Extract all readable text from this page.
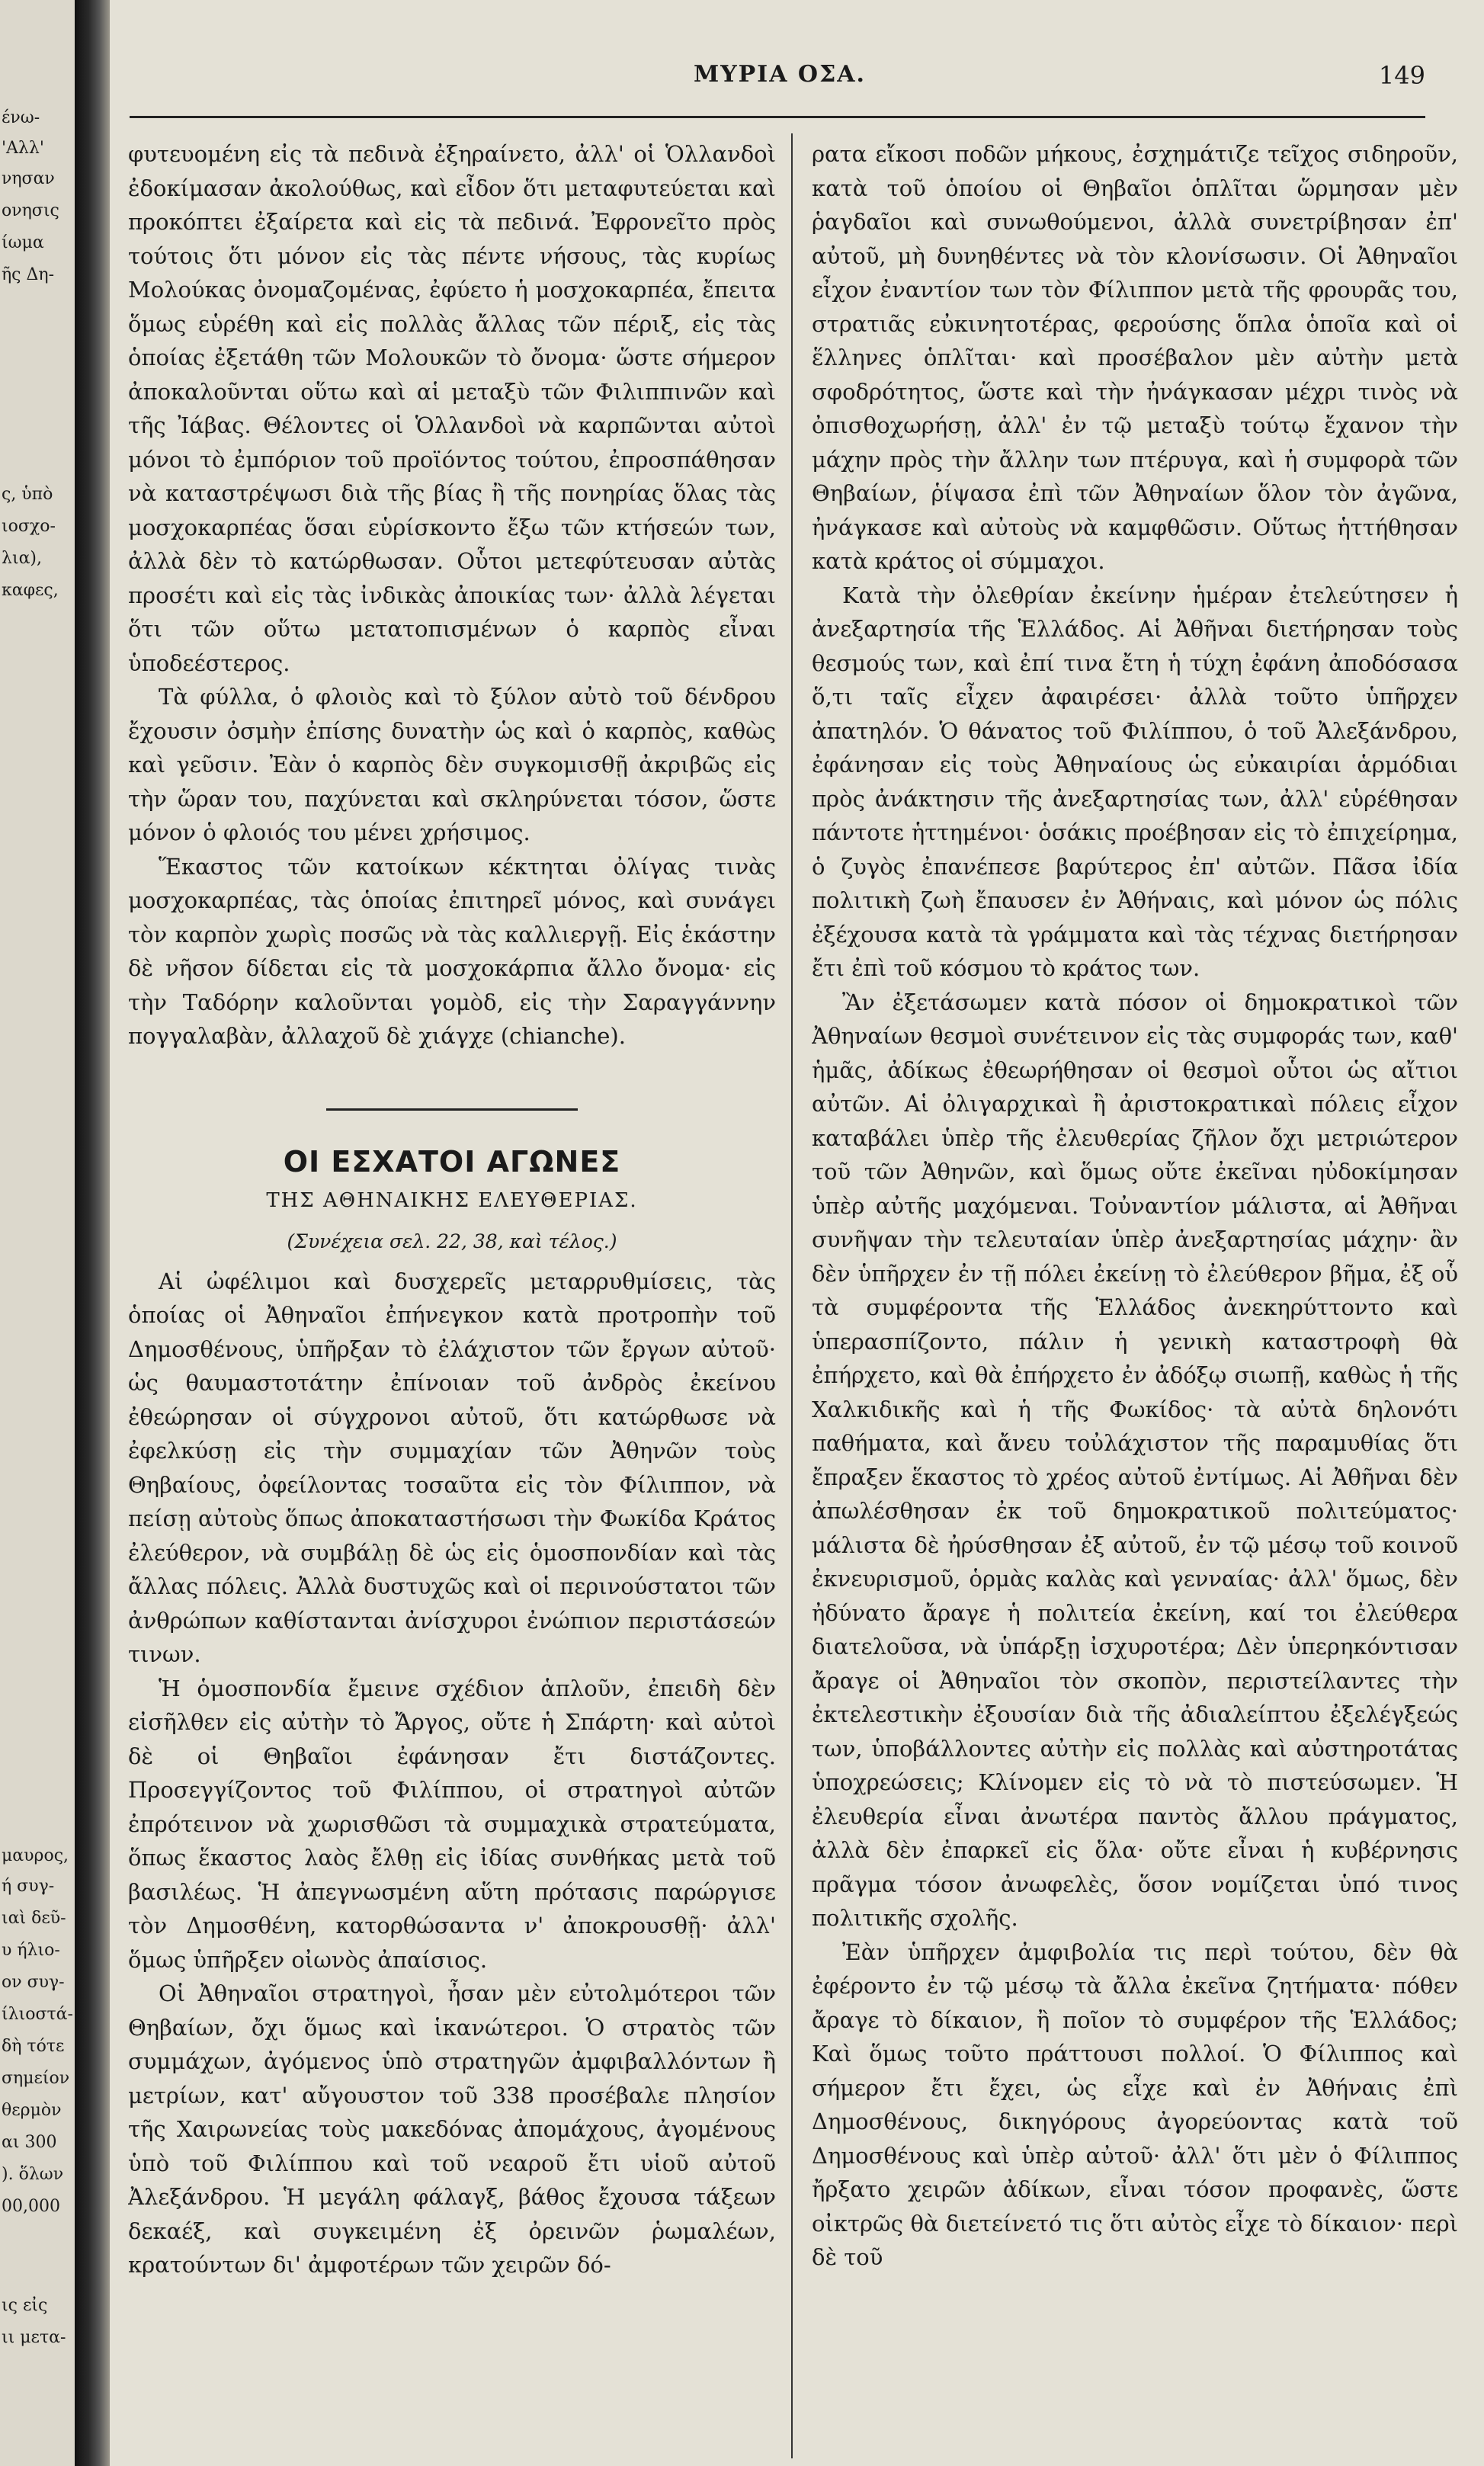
ένω-
'Αλλ'
νησαν
ονησις
ίωμα
ῆς Δη-
ς, ὑπὸ
ιοσχο-
λια),
καφες,
μαυρος,
ή συγ-
ιαὶ δεῦ-
υ ήλιο-
ον συγ-
ίλιοστά-
δὴ τότε
σημείον
θερμὸν
αι 300
). ὅλων
00,000
ις εἰς
ιι μετα-
ΜΥΡΙΑ ΟΣΑ.	149

φυτευομένη εἰς τὰ πεδινὰ ἐξηραίνετο, ἀλλ' οἱ Ὁλλανδοὶ ἐδοκίμασαν ἀκολούθως, καὶ εἶδον ὅτι μεταφυτεύεται καὶ προκόπτει ἐξαίρετα καὶ εἰς τὰ πεδινά. Ἐφρονεῖτο πρὸς τούτοις ὅτι μόνον εἰς τὰς πέντε νήσους, τὰς κυρίως Μολούκας ὀνομαζομένας, ἐφύετο ἡ μοσχοκαρπέα, ἔπειτα ὅμως εὑρέθη καὶ εἰς πολλὰς ἄλλας τῶν πέριξ, εἰς τὰς ὁποίας ἐξετάθη τῶν Μολουκῶν τὸ ὄνομα· ὥστε σήμερον ἀποκαλοῦνται οὕτω καὶ αἱ μεταξὺ τῶν Φιλιππινῶν καὶ τῆς Ἰάβας. Θέλοντες οἱ Ὁλλανδοὶ νὰ καρπῶνται αὐτοὶ μόνοι τὸ ἐμπόριον τοῦ προϊόντος τούτου, ἐπροσπάθησαν νὰ καταστρέψωσι διὰ τῆς βίας ἢ τῆς πονηρίας ὅλας τὰς μοσχοκαρπέας ὅσαι εὑρίσκοντο ἔξω τῶν κτήσεών των, ἀλλὰ δὲν τὸ κατώρθωσαν. Οὗτοι μετεφύτευσαν αὐτὰς προσέτι καὶ εἰς τὰς ἰνδικὰς ἀποικίας των· ἀλλὰ λέγεται ὅτι τῶν οὕτω μετατοπισμένων ὁ καρπὸς εἶναι ὑποδεέστερος.

Τὰ φύλλα, ὁ φλοιὸς καὶ τὸ ξύλον αὐτὸ τοῦ δένδρου ἔχουσιν ὀσμὴν ἐπίσης δυνατὴν ὡς καὶ ὁ καρπὸς, καθὼς καὶ γεῦσιν. Ἐὰν ὁ καρπὸς δὲν συγκομισθῇ ἀκριβῶς εἰς τὴν ὥραν του, παχύνεται καὶ σκληρύνεται τόσον, ὥστε μόνον ὁ φλοιός του μένει χρήσιμος.

Ἕκαστος τῶν κατοίκων κέκτηται ὀλίγας τινὰς μοσχοκαρπέας, τὰς ὁποίας ἐπιτηρεῖ μόνος, καὶ συνάγει τὸν καρπὸν χωρὶς ποσῶς νὰ τὰς καλλιεργῇ. Εἰς ἑκάστην δὲ νῆσον δίδεται εἰς τὰ μοσχοκάρπια ἄλλο ὄνομα· εἰς τὴν Ταδόρην καλοῦνται γομὸδ, εἰς τὴν Σαραγγάννην πογγαλαβὰν, ἀλλαχοῦ δὲ χιάγχε (chianche).

ΟΙ ΕΣΧΑΤΟΙ ΑΓΩΝΕΣ
ΤΗΣ ΑΘΗΝΑΙΚΗΣ ΕΛΕΥΘΕΡΙΑΣ.
(Συνέχεια σελ. 22, 38, καὶ τέλος.)

Αἱ ὠφέλιμοι καὶ δυσχερεῖς μεταρρυθμίσεις, τὰς ὁποίας οἱ Ἀθηναῖοι ἐπήνεγκον κατὰ προτροπὴν τοῦ Δημοσθένους, ὑπῆρξαν τὸ ἐλάχιστον τῶν ἔργων αὐτοῦ· ὡς θαυμαστοτάτην ἐπίνοιαν τοῦ ἀνδρὸς ἐκείνου ἐθεώρησαν οἱ σύγχρονοι αὐτοῦ, ὅτι κατώρθωσε νὰ ἐφελκύσῃ εἰς τὴν συμμαχίαν τῶν Ἀθηνῶν τοὺς Θηβαίους, ὀφείλοντας τοσαῦτα εἰς τὸν Φίλιππον, νὰ πείσῃ αὐτοὺς ὅπως ἀποκαταστήσωσι τὴν Φωκίδα Κράτος ἐλεύθερον, νὰ συμβάλῃ δὲ ὡς εἰς ὁμοσπονδίαν καὶ τὰς ἄλλας πόλεις. Ἀλλὰ δυστυχῶς καὶ οἱ περινούστατοι τῶν ἀνθρώπων καθίστανται ἀνίσχυροι ἐνώπιον περιστάσεών τινων.

Ἡ ὁμοσπονδία ἔμεινε σχέδιον ἁπλοῦν, ἐπειδὴ δὲν εἰσῆλθεν εἰς αὐτὴν τὸ Ἄργος, οὔτε ἡ Σπάρτη· καὶ αὐτοὶ δὲ οἱ Θηβαῖοι ἐφάνησαν ἔτι διστάζοντες. Προσεγγίζοντος τοῦ Φιλίππου, οἱ στρατηγοὶ αὐτῶν ἐπρότεινον νὰ χωρισθῶσι τὰ συμμαχικὰ στρατεύματα, ὅπως ἕκαστος λαὸς ἔλθῃ εἰς ἰδίας συνθήκας μετὰ τοῦ βασιλέως. Ἡ ἀπεγνωσμένη αὕτη πρότασις παρώργισε τὸν Δημοσθένη, κατορθώσαντα ν' ἀποκρουσθῇ· ἀλλ' ὅμως ὑπῆρξεν οἰωνὸς ἀπαίσιος.

Οἱ Ἀθηναῖοι στρατηγοὶ, ἦσαν μὲν εὐτολμότεροι τῶν Θηβαίων, ὄχι ὅμως καὶ ἱκανώτεροι. Ὁ στρατὸς τῶν συμμάχων, ἀγόμενος ὑπὸ στρατηγῶν ἀμφιβαλλόντων ἢ μετρίων, κατ' αὔγουστον τοῦ 338 προσέβαλε πλησίον τῆς Χαιρωνείας τοὺς μακεδόνας ἀπομάχους, ἀγομένους ὑπὸ τοῦ Φιλίππου καὶ τοῦ νεαροῦ ἔτι υἱοῦ αὐτοῦ Ἀλεξάνδρου. Ἡ μεγάλη φάλαγξ, βάθος ἔχουσα τάξεων δεκαέξ, καὶ συγκειμένη ἐξ ὀρεινῶν ῥωμαλέων, κρατούντων δι' ἀμφοτέρων τῶν χειρῶν δό-

ρατα εἴκοσι ποδῶν μήκους, ἐσχημάτιζε τεῖχος σιδηροῦν, κατὰ τοῦ ὁποίου οἱ Θηβαῖοι ὁπλῖται ὥρμησαν μὲν ῥαγδαῖοι καὶ συνωθούμενοι, ἀλλὰ συνετρίβησαν ἐπ' αὐτοῦ, μὴ δυνηθέντες νὰ τὸν κλονίσωσιν. Οἱ Ἀθηναῖοι εἶχον ἐναντίον των τὸν Φίλιππον μετὰ τῆς φρουρᾶς του, στρατιᾶς εὐκινητοτέρας, φερούσης ὅπλα ὁποῖα καὶ οἱ ἕλληνες ὁπλῖται· καὶ προσέβαλον μὲν αὐτὴν μετὰ σφοδρότητος, ὥστε καὶ τὴν ἠνάγκασαν μέχρι τινὸς νὰ ὀπισθοχωρήσῃ, ἀλλ' ἐν τῷ μεταξὺ τούτῳ ἔχανον τὴν μάχην πρὸς τὴν ἄλλην των πτέρυγα, καὶ ἡ συμφορὰ τῶν Θηβαίων, ῥίψασα ἐπὶ τῶν Ἀθηναίων ὅλον τὸν ἀγῶνα, ἠνάγκασε καὶ αὐτοὺς νὰ καμφθῶσιν. Οὕτως ἡττήθησαν κατὰ κράτος οἱ σύμμαχοι.

Κατὰ τὴν ὀλεθρίαν ἐκείνην ἡμέραν ἐτελεύτησεν ἡ ἀνεξαρτησία τῆς Ἑλλάδος. Αἱ Ἀθῆναι διετήρησαν τοὺς θεσμούς των, καὶ ἐπί τινα ἔτη ἡ τύχη ἐφάνη ἀποδόσασα ὅ,τι ταῖς εἶχεν ἀφαιρέσει· ἀλλὰ τοῦτο ὑπῆρχεν ἀπατηλόν. Ὁ θάνατος τοῦ Φιλίππου, ὁ τοῦ Ἀλεξάνδρου, ἐφάνησαν εἰς τοὺς Ἀθηναίους ὡς εὐκαιρίαι ἁρμόδιαι πρὸς ἀνάκτησιν τῆς ἀνεξαρτησίας των, ἀλλ' εὑρέθησαν πάντοτε ἡττημένοι· ὁσάκις προέβησαν εἰς τὸ ἐπιχείρημα, ὁ ζυγὸς ἐπανέπεσε βαρύτερος ἐπ' αὐτῶν. Πᾶσα ἰδία πολιτικὴ ζωὴ ἔπαυσεν ἐν Ἀθήναις, καὶ μόνον ὡς πόλις ἐξέχουσα κατὰ τὰ γράμματα καὶ τὰς τέχνας διετήρησαν ἔτι ἐπὶ τοῦ κόσμου τὸ κράτος των.

Ἂν ἐξετάσωμεν κατὰ πόσον οἱ δημοκρατικοὶ τῶν Ἀθηναίων θεσμοὶ συνέτεινον εἰς τὰς συμφοράς των, καθ' ἡμᾶς, ἀδίκως ἐθεωρήθησαν οἱ θεσμοὶ οὗτοι ὡς αἴτιοι αὐτῶν. Αἱ ὀλιγαρχικαὶ ἢ ἀριστοκρατικαὶ πόλεις εἶχον καταβάλει ὑπὲρ τῆς ἐλευθερίας ζῆλον ὄχι μετριώτερον τοῦ τῶν Ἀθηνῶν, καὶ ὅμως οὔτε ἐκεῖναι ηὐδοκίμησαν ὑπὲρ αὐτῆς μαχόμεναι. Τοὐναντίον μάλιστα, αἱ Ἀθῆναι συνῆψαν τὴν τελευταίαν ὑπὲρ ἀνεξαρτησίας μάχην· ἂν δὲν ὑπῆρχεν ἐν τῇ πόλει ἐκείνῃ τὸ ἐλεύθερον βῆμα, ἐξ οὗ τὰ συμφέροντα τῆς Ἑλλάδος ἀνεκηρύττοντο καὶ ὑπερασπίζοντο, πάλιν ἡ γενικὴ καταστροφὴ θὰ ἐπήρχετο, καὶ θὰ ἐπήρχετο ἐν ἀδόξῳ σιωπῇ, καθὼς ἡ τῆς Χαλκιδικῆς καὶ ἡ τῆς Φωκίδος· τὰ αὐτὰ δηλονότι παθήματα, καὶ ἄνευ τοὐλάχιστον τῆς παραμυθίας ὅτι ἔπραξεν ἕκαστος τὸ χρέος αὐτοῦ ἐντίμως. Αἱ Ἀθῆναι δὲν ἀπωλέσθησαν ἐκ τοῦ δημοκρατικοῦ πολιτεύματος· μάλιστα δὲ ἠρύσθησαν ἐξ αὐτοῦ, ἐν τῷ μέσῳ τοῦ κοινοῦ ἐκνευρισμοῦ, ὁρμὰς καλὰς καὶ γενναίας· ἀλλ' ὅμως, δὲν ἠδύνατο ἄραγε ἡ πολιτεία ἐκείνη, καί τοι ἐλεύθερα διατελοῦσα, νὰ ὑπάρξῃ ἰσχυροτέρα; Δὲν ὑπερηκόντισαν ἄραγε οἱ Ἀθηναῖοι τὸν σκοπὸν, περιστείλαντες τὴν ἐκτελεστικὴν ἐξουσίαν διὰ τῆς ἀδιαλείπτου ἐξελέγξεώς των, ὑποβάλλοντες αὐτὴν εἰς πολλὰς καὶ αὐστηροτάτας ὑποχρεώσεις; Κλίνομεν εἰς τὸ νὰ τὸ πιστεύσωμεν. Ἡ ἐλευθερία εἶναι ἀνωτέρα παντὸς ἄλλου πράγματος, ἀλλὰ δὲν ἐπαρκεῖ εἰς ὅλα· οὔτε εἶναι ἡ κυβέρνησις πρᾶγμα τόσον ἀνωφελὲς, ὅσον νομίζεται ὑπό τινος πολιτικῆς σχολῆς.

Ἐὰν ὑπῆρχεν ἀμφιβολία τις περὶ τούτου, δὲν θὰ ἐφέροντο ἐν τῷ μέσῳ τὰ ἄλλα ἐκεῖνα ζητήματα· πόθεν ἄραγε τὸ δίκαιον, ἢ ποῖον τὸ συμφέρον τῆς Ἑλλάδος; Καὶ ὅμως τοῦτο πράττουσι πολλοί. Ὁ Φίλιππος καὶ σήμερον ἔτι ἔχει, ὡς εἶχε καὶ ἐν Ἀθήναις ἐπὶ Δημοσθένους, δικηγόρους ἀγορεύοντας κατὰ τοῦ Δημοσθένους καὶ ὑπὲρ αὐτοῦ· ἀλλ' ὅτι μὲν ὁ Φίλιππος ἤρξατο χειρῶν ἀδίκων, εἶναι τόσον προφανὲς, ὥστε οἰκτρῶς θὰ διετείνετό τις ὅτι αὐτὸς εἶχε τὸ δίκαιον· περὶ δὲ τοῦ
